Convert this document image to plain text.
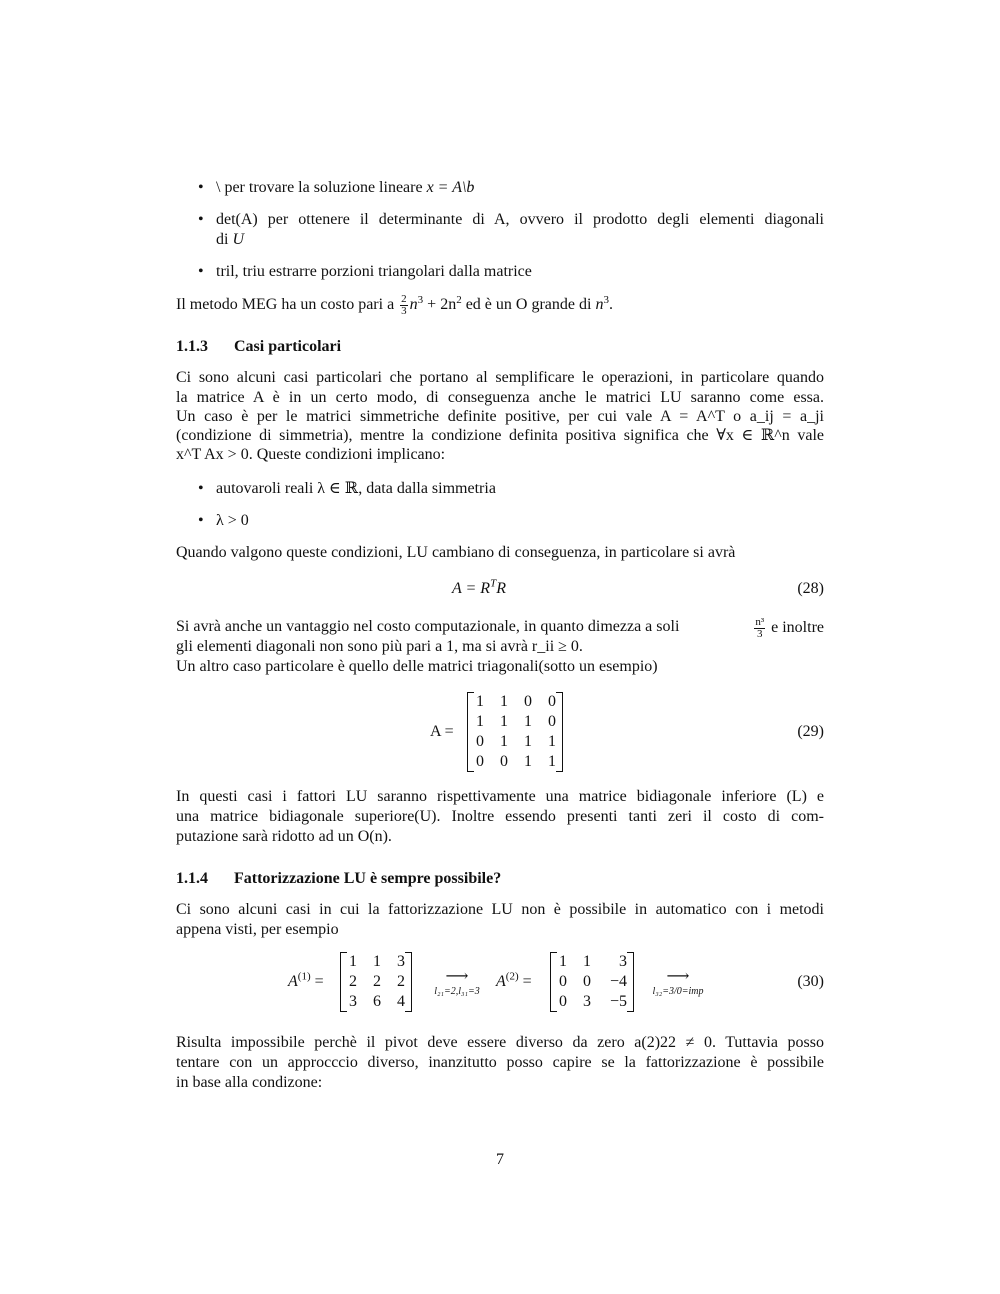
• \ per trovare la soluzione lineare x = A\b
• det(A) per ottenere il determinante di A, ovvero il prodotto degli elementi diagonali
di U
• tril, triu estrarre porzioni triangolari dalla matrice
Il metodo MEG ha un costo pari a $\frac{2}{3} n^3 + 2n^2$ ed è un O grande di $n^3$.
1.1.3 Casi particolari
Ci sono alcuni casi particolari che portano al semplificare le operazioni, in particolare quando
la matrice A è in un certo modo, di conseguenza anche le matrici LU saranno come essa.
Un caso è per le matrici simmetriche definite positive, per cui vale A = A^T o a_ij = a_ji
(condizione di simmetria), mentre la condizione definita positiva significa che ∀x ∈ ℝ^n vale
x^T Ax > 0. Queste condizioni implicano:
• autovaroli reali λ ∈ ℝ, data dalla simmetria
• λ > 0
Quando valgono queste condizioni, LU cambiano di conseguenza, in particolare si avrà
$A = R^TR$	(28)
Si avrà anche un vantaggio nel costo computazionale, in quanto dimezza a soli	$\frac{\text{n³}}{3}$ e inoltre
gli elementi diagonali non sono più pari a 1, ma si avrà r_ii ≥ 0.
Un altro caso particolare è quello delle matrici triagonali(sotto un esempio)
A =
1	1	0	0
1	1	1	0
0	1	1	1
0	0	1	1
(29)
In questi casi i fattori LU saranno rispettivamente una matrice bidiagonale inferiore (L) e
una matrice bidiagonale superiore(U). Inoltre essendo presenti tanti zeri il costo di com-
putazione sarà ridotto ad un O(n).
1.1.4 Fattorizzazione LU è sempre possibile?
Ci sono alcuni casi in cui la fattorizzazione LU non è possibile in automatico con i metodi
appena visti, per esempio
$A^{(1)}$ =
1	1	3
2	2	2
3	6	4
⟶
l₂₁=2,l₃₁=3
$A^{(2)}$ =
1	1	3
0	0	−4
0	3	−5
⟶
l₃₂=3/0=imp
(30)
Risulta impossibile perchè il pivot deve essere diverso da zero a(2)22 ≠ 0. Tuttavia posso
tentare con un approcccio diverso, inanzitutto posso capire se la fattorizzazione è possibile
in base alla condizone:
7
